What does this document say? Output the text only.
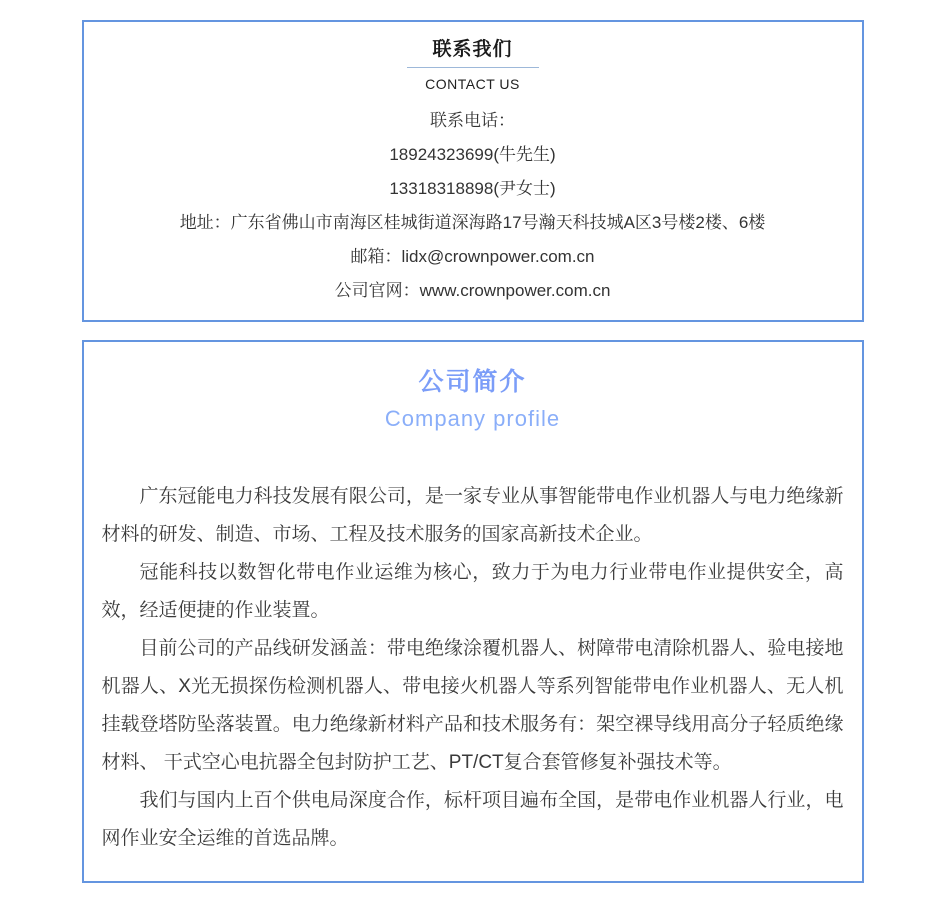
联系我们
CONTACT US
联系电话：
18924323699(牛先生)
13318318898(尹女士)
地址：广东省佛山市南海区桂城街道深海路17号瀚天科技城A区3号楼2楼、6楼
邮箱：lidx@crownpower.com.cn
公司官网：www.crownpower.com.cn
公司简介
Company profile

广东冠能电力科技发展有限公司，是一家专业从事智能带电作业机器人与电力绝缘新材料的研发、制造、市场、工程及技术服务的国家高新技术企业。

冠能科技以数智化带电作业运维为核心，致力于为电力行业带电作业提供安全，高效，经适便捷的作业装置。

目前公司的产品线研发涵盖：带电绝缘涂覆机器人、树障带电清除机器人、验电接地机器人、X光无损探伤检测机器人、带电接火机器人等系列智能带电作业机器人、无人机挂载登塔防坠落装置。电力绝缘新材料产品和技术服务有：架空裸导线用高分子轻质绝缘材料、 干式空心电抗器全包封防护工艺、PT/CT复合套管修复补强技术等。

我们与国内上百个供电局深度合作，标杆项目遍布全国，是带电作业机器人行业，电网作业安全运维的首选品牌。
